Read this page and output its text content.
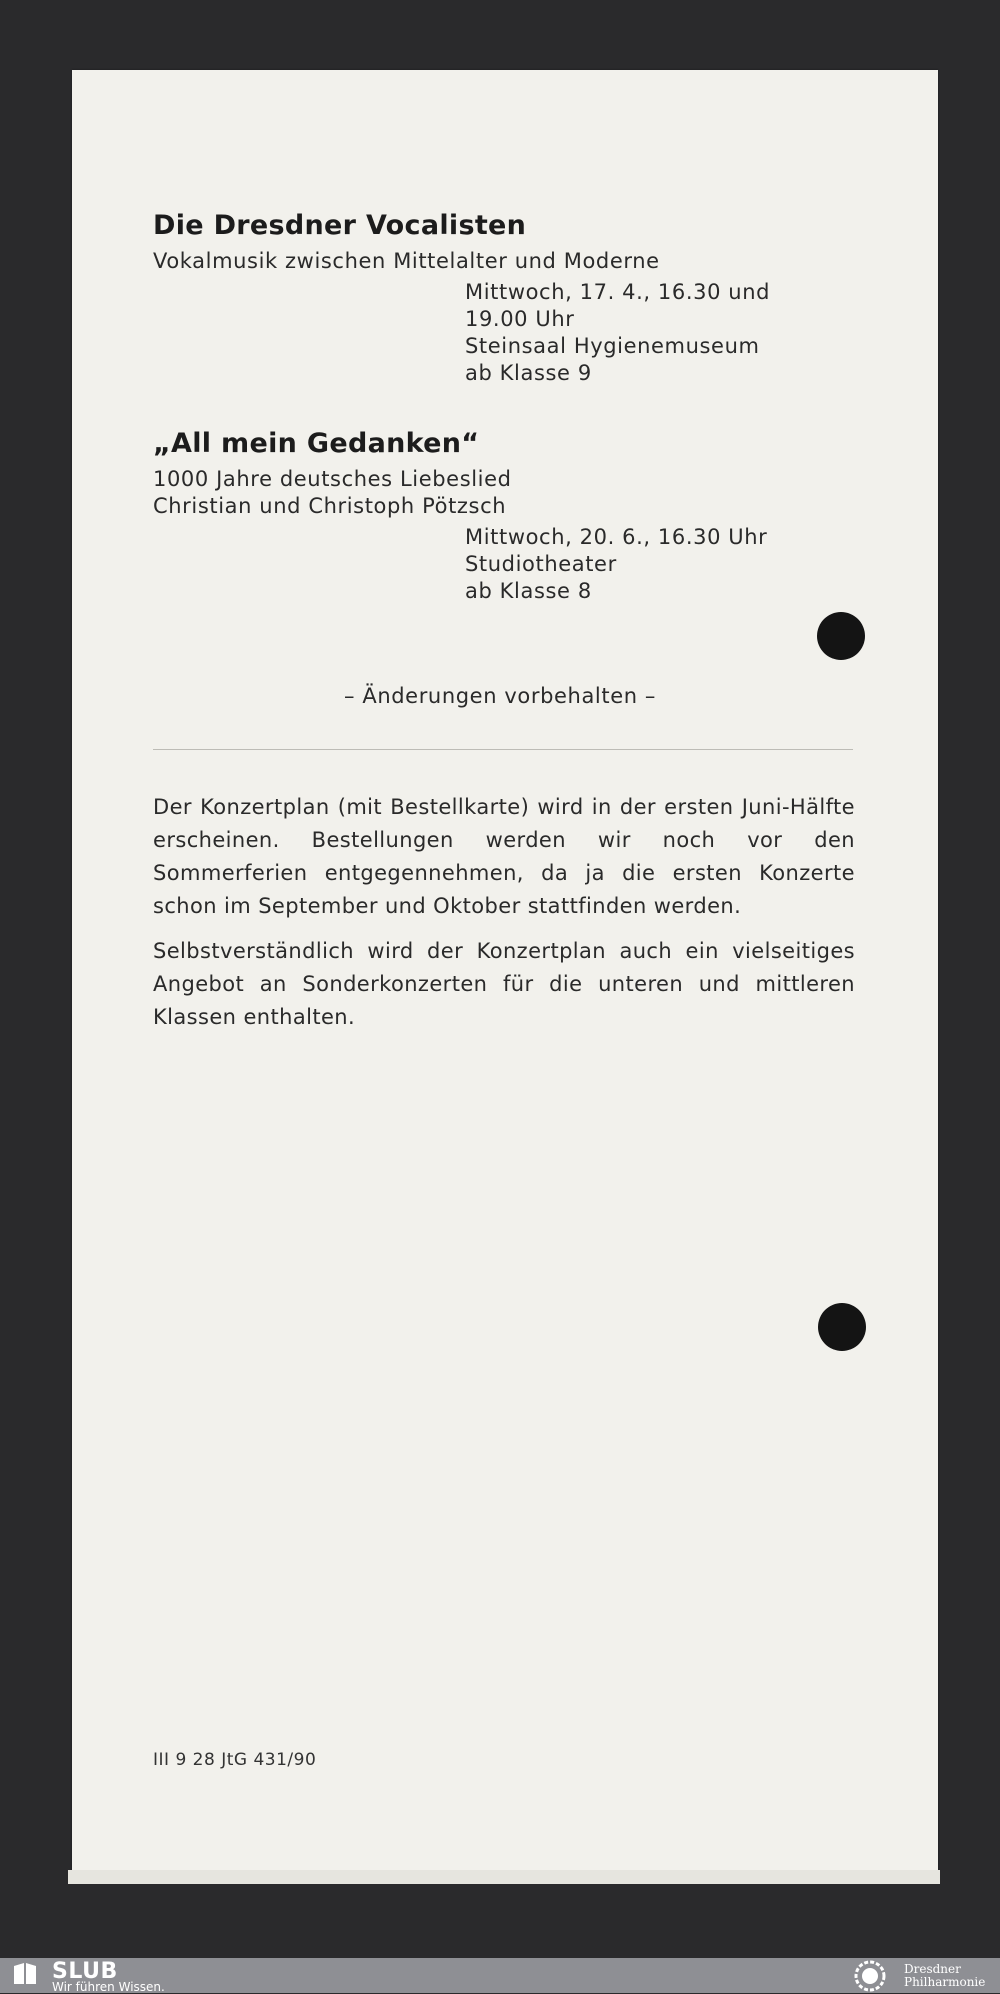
Die Dresdner Vocalisten
Vokalmusik zwischen Mittelalter und Moderne
Mittwoch, 17. 4., 16.30 und
19.00 Uhr
Steinsaal Hygienemuseum
ab Klasse 9
„All mein Gedanken“
1000 Jahre deutsches Liebeslied
Christian und Christoph Pötzsch
Mittwoch, 20. 6., 16.30 Uhr
Studiotheater
ab Klasse 8
– Änderungen vorbehalten –
Der Konzertplan (mit Bestellkarte) wird in der ersten Juni-Hälfte erscheinen. Bestellungen werden wir noch vor den Sommerferien entgegennehmen, da ja die ersten Konzerte schon im September und Oktober stattfinden werden.
Selbstverständlich wird der Konzertplan auch ein vielseitiges Angebot an Sonderkonzerten für die unteren und mittleren Klassen enthalten.
III 9 28 JtG 431/90
SLUB
Wir führen Wissen.
Dresdner
Philharmonie
